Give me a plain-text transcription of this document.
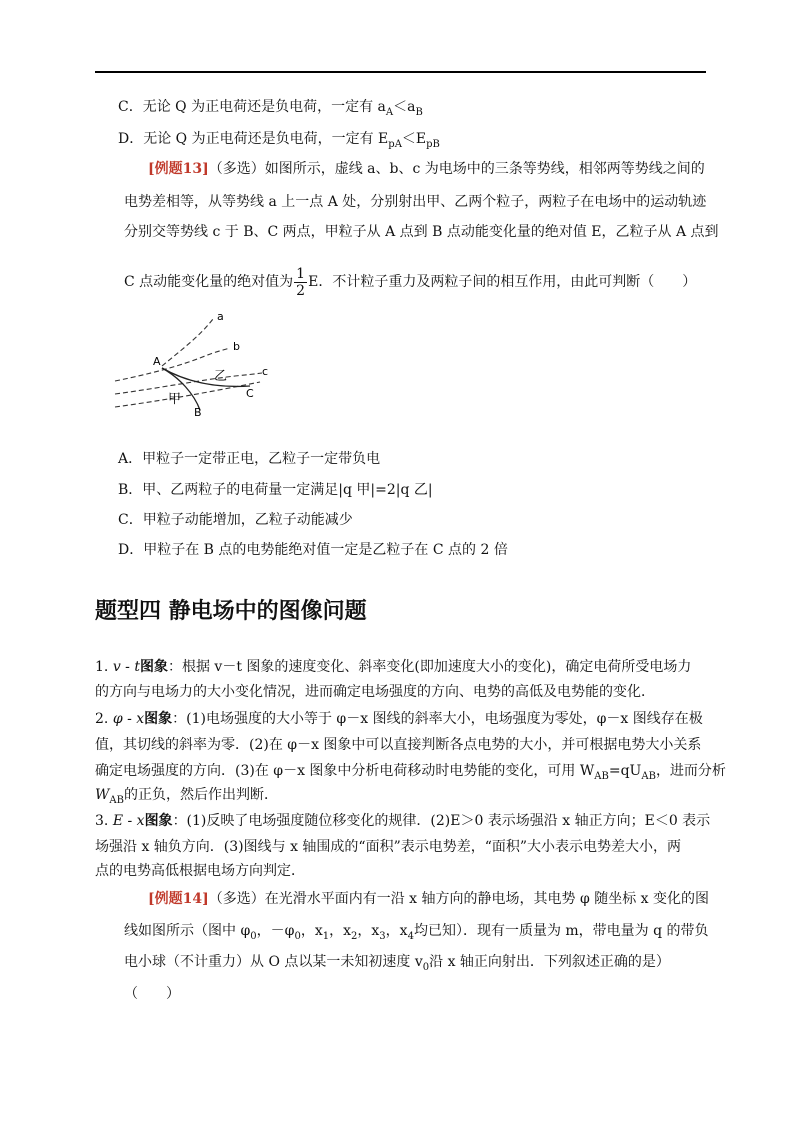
C．无论 Q 为正电荷还是负电荷，一定有 $a_A<a_B$
D．无论 Q 为正电荷还是负电荷，一定有 $E_{pA}<E_{pB}$
[例题13]（多选）如图所示，虚线 a、b、c 为电场中的三条等势线，相邻两等势线之间的
电势差相等，从等势线 a 上一点 A 处，分别射出甲、乙两个粒子，两粒子在电场中的运动轨迹
分别交等势线 c 于 B、C 两点，甲粒子从 A 点到 B 点动能变化量的绝对值 E，乙粒子从 A 点到
C 点动能变化量的绝对值为 $\frac{1}{2}$ E．不计粒子重力及两粒子间的相互作用，由此可判断（　　）
a
b
c
A
乙
C
甲
B
A．甲粒子一定带正电，乙粒子一定带负电
B．甲、乙两粒子的电荷量一定满足|q 甲|=2|q 乙|
C．甲粒子动能增加，乙粒子动能减少
D．甲粒子在 B 点的电势能绝对值一定是乙粒子在 C 点的 2 倍
题型四 静电场中的图像问题
1. v - t图象：根据 v－t 图象的速度变化、斜率变化(即加速度大小的变化)，确定电荷所受电场力
的方向与电场力的大小变化情况，进而确定电场强度的方向、电势的高低及电势能的变化．
2. φ - x图象：(1)电场强度的大小等于 φ－x 图线的斜率大小，电场强度为零处，φ－x 图线存在极
值，其切线的斜率为零．(2)在 φ－x 图象中可以直接判断各点电势的大小，并可根据电势大小关系
确定电场强度的方向．(3)在 φ－x 图象中分析电荷移动时电势能的变化，可用 $W_{AB}=qU_{AB}$，进而分析
$W_{AB}$的正负，然后作出判断．
3. E - x图象：(1)反映了电场强度随位移变化的规律．(2)E＞0 表示场强沿 x 轴正方向；E＜0 表示
场强沿 x 轴负方向．(3)图线与 x 轴围成的“面积”表示电势差，“面积”大小表示电势差大小，两
点的电势高低根据电场方向判定．
[例题14]（多选）在光滑水平面内有一沿 x 轴方向的静电场，其电势 φ 随坐标 x 变化的图
线如图所示（图中 $\varphi_0$，$-\varphi_0$，$x_1$，$x_2$，$x_3$，$x_4$均已知）．现有一质量为 m，带电量为 q 的带负
电小球（不计重力）从 O 点以某一未知初速度 $v_0$沿 x 轴正向射出．下列叙述正确的是）
（　　）
